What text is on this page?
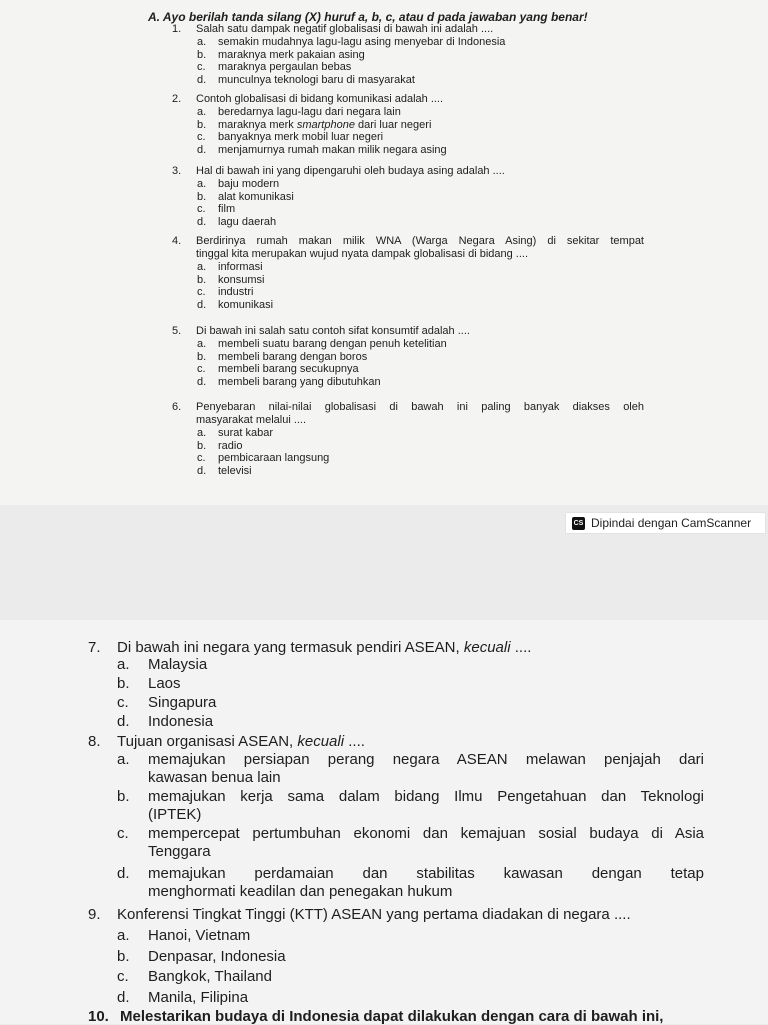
A. Ayo berilah tanda silang (X) huruf a, b, c, atau d pada jawaban yang benar!
1. Salah satu dampak negatif globalisasi di bawah ini adalah ....
a. semakin mudahnya lagu-lagu asing menyebar di Indonesia
b. maraknya merk pakaian asing
c. maraknya pergaulan bebas
d. munculnya teknologi baru di masyarakat
2. Contoh globalisasi di bidang komunikasi adalah ....
a. beredarnya lagu-lagu dari negara lain
b. maraknya merk smartphone dari luar negeri
c. banyaknya merk mobil luar negeri
d. menjamurnya rumah makan milik negara asing
3. Hal di bawah ini yang dipengaruhi oleh budaya asing adalah ....
a. baju modern
b. alat komunikasi
c. film
d. lagu daerah
4. Berdirinya rumah makan milik WNA (Warga Negara Asing) di sekitar tempat
tinggal kita merupakan wujud nyata dampak globalisasi di bidang ....
a. informasi
b. konsumsi
c. industri
d. komunikasi
5. Di bawah ini salah satu contoh sifat konsumtif adalah ....
a. membeli suatu barang dengan penuh ketelitian
b. membeli barang dengan boros
c. membeli barang secukupnya
d. membeli barang yang dibutuhkan
6. Penyebaran nilai-nilai globalisasi di bawah ini paling banyak diakses oleh
masyarakat melalui ....
a. surat kabar
b. radio
c. pembicaraan langsung
d. televisi
CS Dipindai dengan CamScanner
7. Di bawah ini negara yang termasuk pendiri ASEAN, kecuali ....
a. Malaysia
b. Laos
c. Singapura
d. Indonesia
8. Tujuan organisasi ASEAN, kecuali ....
a. memajukan persiapan perang negara ASEAN melawan penjajah dari
kawasan benua lain
b. memajukan kerja sama dalam bidang Ilmu Pengetahuan dan Teknologi
(IPTEK)
c. mempercepat pertumbuhan ekonomi dan kemajuan sosial budaya di Asia
Tenggara
d. memajukan perdamaian dan stabilitas kawasan dengan tetap
menghormati keadilan dan penegakan hukum
9. Konferensi Tingkat Tinggi (KTT) ASEAN yang pertama diadakan di negara ....
a. Hanoi, Vietnam
b. Denpasar, Indonesia
c. Bangkok, Thailand
d. Manila, Filipina
10. Melestarikan budaya di Indonesia dapat dilakukan dengan cara di bawah ini,
